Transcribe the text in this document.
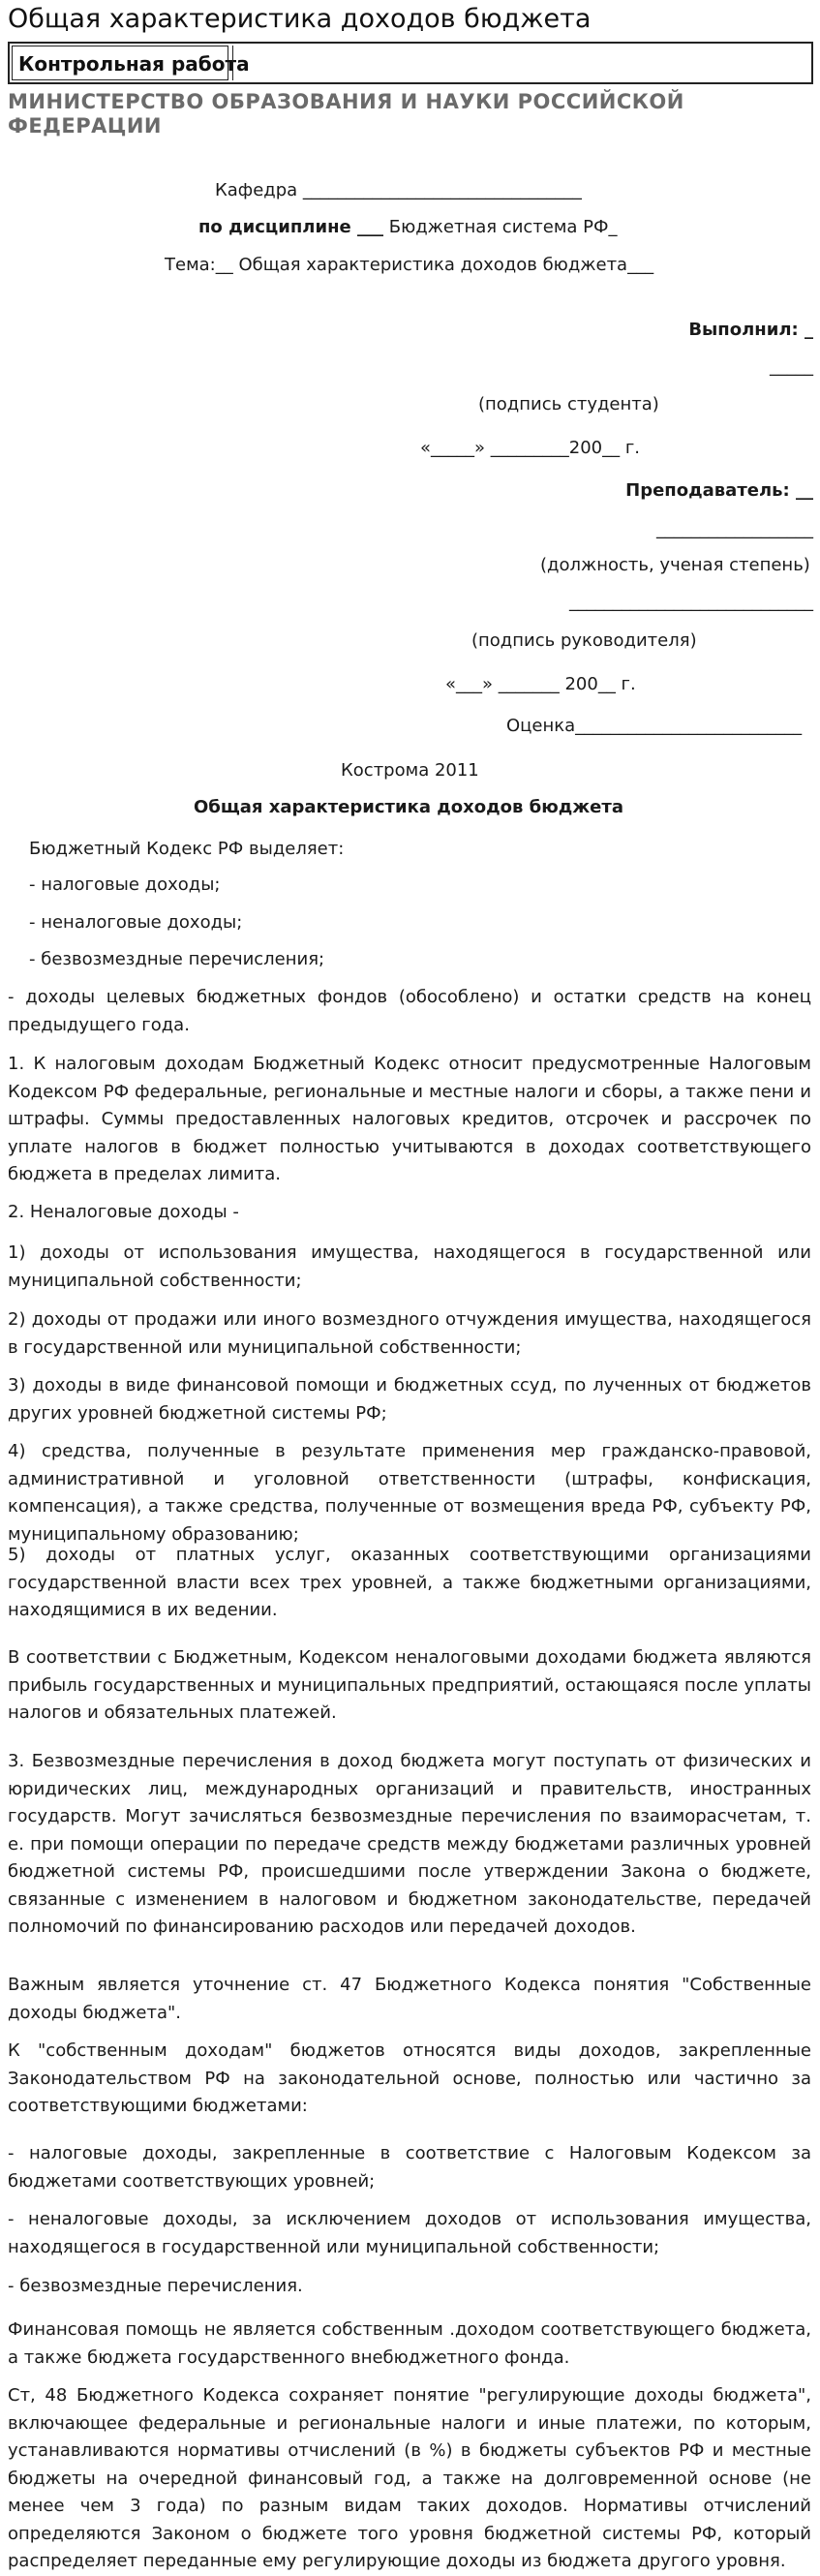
Общая характеристика доходов бюджета
Контрольная работа
МИНИСТЕРСТВО ОБРАЗОВАНИЯ И НАУКИ РОССИЙСКОЙ ФЕДЕРАЦИИ
Кафедра ________________________________
по дисциплине ___ Бюджетная система РФ_
Тема:__ Общая характеристика доходов бюджета___
Выполнил: _
_____
(подпись студента)
«_____» _________200__ г.
Преподаватель: __
__________________
(должность, ученая степень)
____________________________
(подпись руководителя)
«___» _______ 200__ г.
Оценка__________________________
Кострома 2011
Общая характеристика доходов бюджета
Бюджетный Кодекс РФ выделяет:
- налоговые доходы;
- неналоговые доходы;
- безвозмездные перечисления;
- доходы целевых бюджетных фондов (обособлено) и остатки средств на конец предыдущего года.
1. К налоговым доходам Бюджетный Кодекс относит предусмотренные Налоговым Кодексом РФ федеральные, региональные и местные налоги и сборы, а также пени и штрафы. Суммы предоставленных налоговых кредитов, отсрочек и рассрочек по уплате налогов в бюджет полностью учитываются в доходах соответствующего бюджета в пределах лимита.
2. Неналоговые доходы -
1) доходы от использования имущества, находящегося в государственной или муниципальной собственности;
2) доходы от продажи или иного возмездного отчуждения имущества, находящегося в государственной или муниципальной собственности;
3) доходы в виде финансовой помощи и бюджетных ссуд, по лученных от бюджетов других уровней бюджетной системы РФ;
4) средства, полученные в результате применения мер гражданско-правовой, административной и уголовной ответственности (штрафы, конфискация, компенсация), а также средства, полученные от возмещения вреда РФ, субъекту РФ, муниципальному образованию;
5) доходы от платных услуг, оказанных соответствующими организациями государственной власти всех трех уровней, а также бюджетными организациями, находящимися в их ведении.
В соответствии с Бюджетным, Кодексом неналоговыми доходами бюджета являются прибыль государственных и муниципальных предприятий, остающаяся после уплаты налогов и обязательных платежей.
3. Безвозмездные перечисления в доход бюджета могут поступать от физических и юридических лиц, международных организаций и правительств, иностранных государств. Могут зачисляться безвозмездные перечисления по взаиморасчетам, т. е. при помощи операции по передаче средств между бюджетами различных уровней бюджетной системы РФ, происшедшими после утверждении Закона о бюджете, связанные с изменением в налоговом и бюджетном законодательстве, передачей полномочий по финансированию расходов или передачей доходов.
Важным является уточнение ст. 47 Бюджетного Кодекса понятия "Собственные доходы бюджета".
К "собственным доходам" бюджетов относятся виды доходов, закрепленные Законодательством РФ на законодательной основе, полностью или частично за соответствующими бюджетами:
- налоговые доходы, закрепленные в соответствие с Налоговым Кодексом за бюджетами соответствующих уровней;
- неналоговые доходы, за исключением доходов от использования имущества, находящегося в государственной или муниципальной собственности;
- безвозмездные перечисления.
Финансовая помощь не является собственным .доходом соответствующего бюджета, а также бюджета государственного внебюджетного фонда.
Ст, 48 Бюджетного Кодекса сохраняет понятие "регулирующие доходы бюджета", включающее федеральные и региональные налоги и иные платежи, по которым, устанавливаются нормативы отчислений (в %) в бюджеты субъектов РФ и местные бюджеты на очередной финансовый год, а также на долговременной основе (не менее чем 3 года) по разным видам таких доходов. Нормативы отчислений определяются Законом о бюджете того уровня бюджетной системы РФ, который распределяет переданные ему регулирующие доходы из бюджета другого уровня.
